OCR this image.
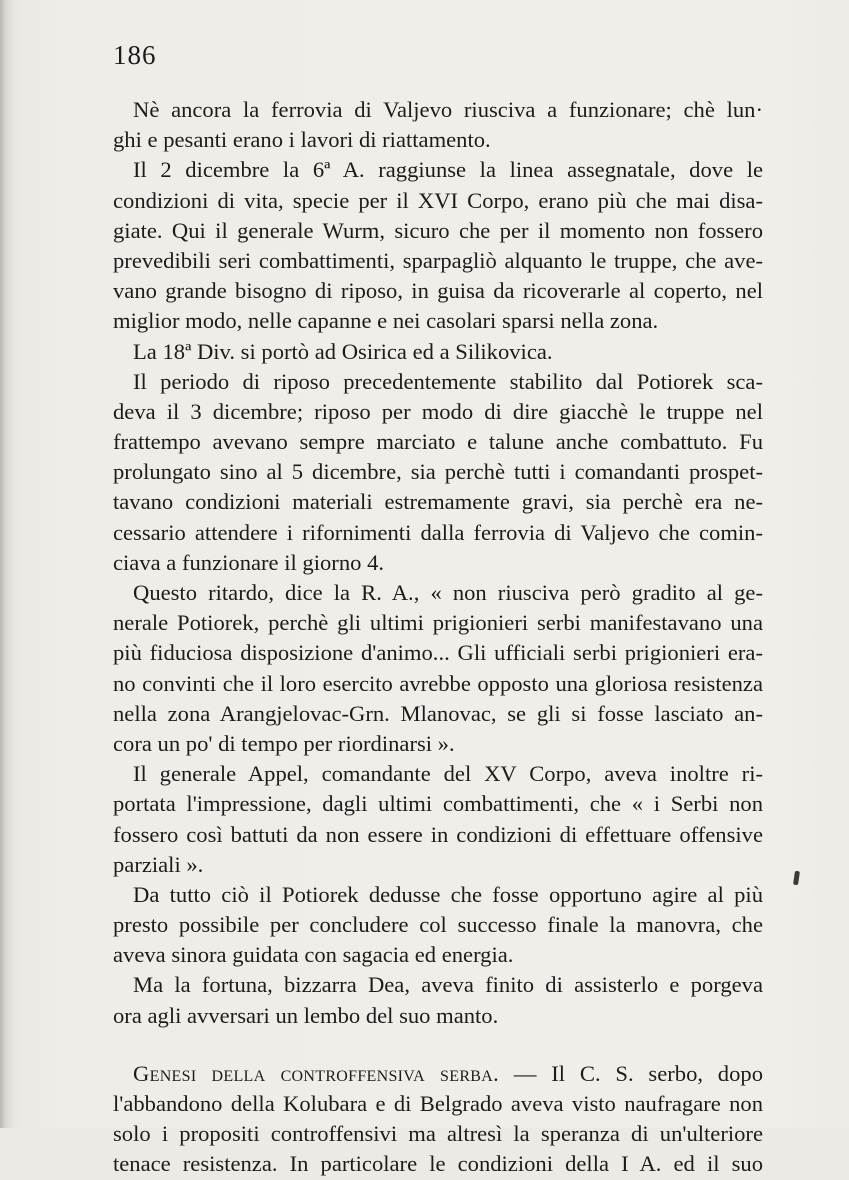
186
Nè ancora la ferrovia di Valjevo riusciva a funzionare; chè lun·
ghi e pesanti erano i lavori di riattamento.
Il 2 dicembre la 6ª A. raggiunse la linea assegnatale, dove le
condizioni di vita, specie per il XVI Corpo, erano più che mai disa-
giate. Qui il generale Wurm, sicuro che per il momento non fossero
prevedibili seri combattimenti, sparpagliò alquanto le truppe, che ave-
vano grande bisogno di riposo, in guisa da ricoverarle al coperto, nel
miglior modo, nelle capanne e nei casolari sparsi nella zona.
La 18ª Div. si portò ad Osirica ed a Silikovica.
Il periodo di riposo precedentemente stabilito dal Potiorek sca-
deva il 3 dicembre; riposo per modo di dire giacchè le truppe nel
frattempo avevano sempre marciato e talune anche combattuto. Fu
prolungato sino al 5 dicembre, sia perchè tutti i comandanti prospet-
tavano condizioni materiali estremamente gravi, sia perchè era ne-
cessario attendere i rifornimenti dalla ferrovia di Valjevo che comin-
ciava a funzionare il giorno 4.
Questo ritardo, dice la R. A., « non riusciva però gradito al ge-
nerale Potiorek, perchè gli ultimi prigionieri serbi manifestavano una
più fiduciosa disposizione d'animo... Gli ufficiali serbi prigionieri era-
no convinti che il loro esercito avrebbe opposto una gloriosa resistenza
nella zona Arangjelovac-Grn. Mlanovac, se gli si fosse lasciato an-
cora un po' di tempo per riordinarsi ».
Il generale Appel, comandante del XV Corpo, aveva inoltre ri-
portata l'impressione, dagli ultimi combattimenti, che « i Serbi non
fossero così battuti da non essere in condizioni di effettuare offensive
parziali ».
Da tutto ciò il Potiorek dedusse che fosse opportuno agire al più
presto possibile per concludere col successo finale la manovra, che
aveva sinora guidata con sagacia ed energia.
Ma la fortuna, bizzarra Dea, aveva finito di assisterlo e porgeva
ora agli avversari un lembo del suo manto.
Genesi della controffensiva serba. — Il C. S. serbo, dopo
l'abbandono della Kolubara e di Belgrado aveva visto naufragare non
solo i propositi controffensivi ma altresì la speranza di un'ulteriore
tenace resistenza. In particolare le condizioni della I A. ed il suo
